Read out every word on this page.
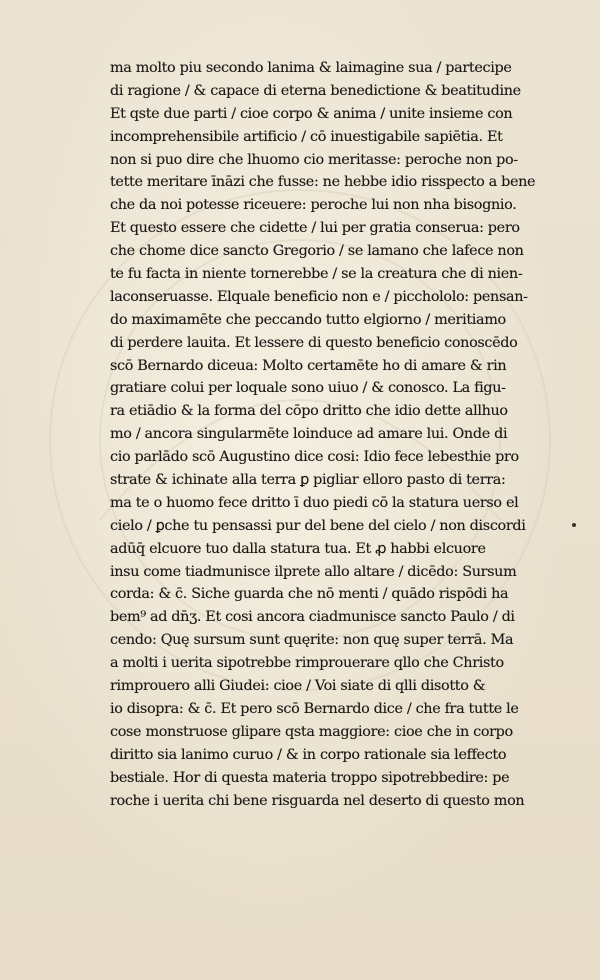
ma molto piu secondo lanima & laimagine sua / partecipe
di ragione / & capace di eterna benedictione & beatitudine
Et qste due parti / cioe corpo & anima / unite insieme con
incomprehensibile artificio / cō inuestigabile sapiētia. Et
non si puo dire che lhuomo cio meritasse: peroche non po-
tette meritare īnāzi che fusse: ne hebbe idio risspecto a bene
che da noi potesse riceuere: peroche lui non nha bisognio.
Et questo essere che cidette / lui per gratia conserua: pero
che chome dice sancto Gregorio / se lamano che lafece non
te fu facta in niente tornerebbe / se la creatura che di nien-
laconseruasse. Elquale beneficio non e / picchololo: pensan-
do maximamēte che peccando tutto elgiorno / meritiamo
di perdere lauita. Et lessere di questo beneficio conoscēdo
scō Bernardo diceua: Molto certamēte ho di amare & rin
gratiare colui per loquale sono uiuo / & conosco. La figu-
ra etiādio & la forma del cōpo dritto che idio dette allhuo
mo / ancora singularmēte loinduce ad amare lui. Onde di
cio parlādo scō Augustino dice cosi: Idio fece lebesthie pro
strate & ichinate alla terra ꝑ pigliar elloro pasto di terra:
ma te o huomo fece dritto ī duo piedi cō la statura uerso el
cielo / ꝑche tu pensassi pur del bene del cielo / non discordi
adūq̄ elcuore tuo dalla statura tua. Et ꝓ habbi elcuore
insu come tiadmunisce ilprete allo altare / dicēdo: Sursum
corda: & c̄. Siche guarda che nō menti / quādo rispōdi ha
bem⁹ ad dn̄ʒ. Et cosi ancora ciadmunisce sancto Paulo / di
cendo: Quę sursum sunt quęrite: non quę super terrā. Ma
a molti i uerita sipotrebbe rimprouerare qllo che Christo
rimprouero alli Giudei: cioe / Voi siate di qlli disotto &
io disopra: & c̄. Et pero scō Bernardo dice / che fra tutte le
cose monstruose glipare qsta maggiore: cioe che in corpo
diritto sia lanimo curuo / & in corpo rationale sia leffecto
bestiale. Hor di questa materia troppo sipotrebbedire: pe
roche i uerita chi bene risguarda nel deserto di questo mon
